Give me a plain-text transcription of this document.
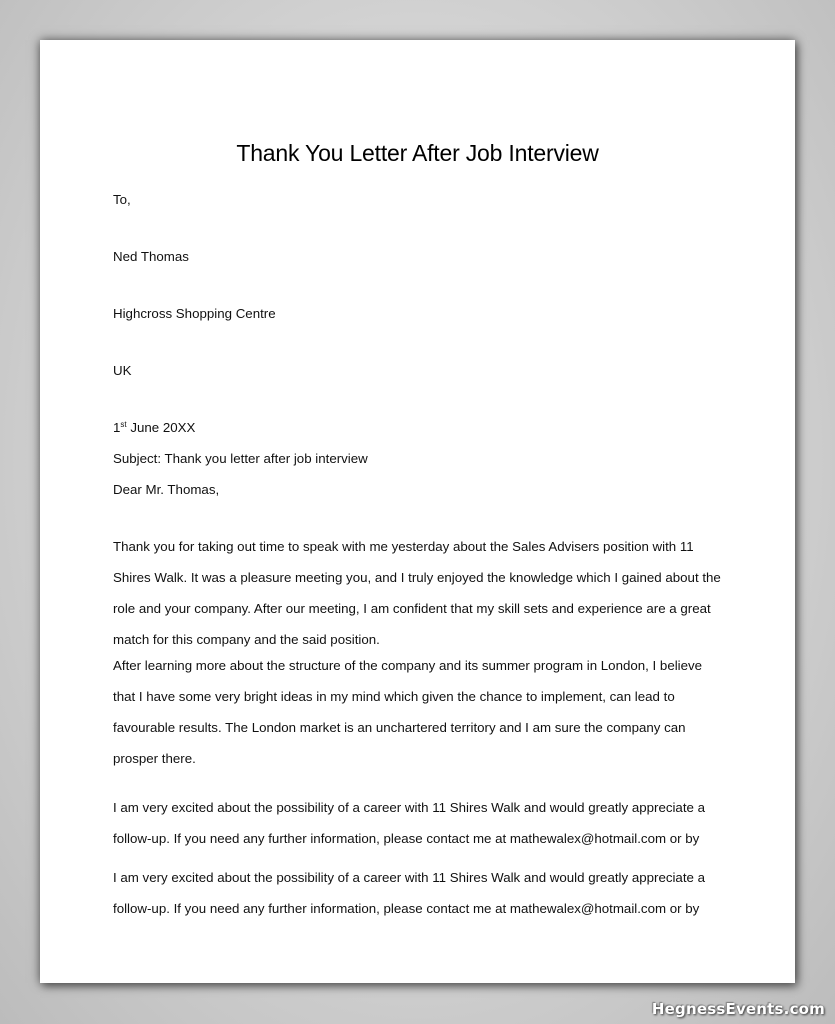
Thank You Letter After Job Interview

To,

Ned Thomas

Highcross Shopping Centre

UK

1st June 20XX

Subject: Thank you letter after job interview

Dear Mr. Thomas,

Thank you for taking out time to speak with me yesterday about the Sales Advisers position with 11
Shires Walk. It was a pleasure meeting you, and I truly enjoyed the knowledge which I gained about the
role and your company. After our meeting, I am confident that my skill sets and experience are a great
match for this company and the said position.
After learning more about the structure of the company and its summer program in London, I believe
that I have some very bright ideas in my mind which given the chance to implement, can lead to
favourable results. The London market is an unchartered territory and I am sure the company can
prosper there.
I am very excited about the possibility of a career with 11 Shires Walk and would greatly appreciate a
follow-up. If you need any further information, please contact me at mathewalex@hotmail.com or by
I am very excited about the possibility of a career with 11 Shires Walk and would greatly appreciate a
follow-up. If you need any further information, please contact me at mathewalex@hotmail.com or by
HegnessEvents.com
